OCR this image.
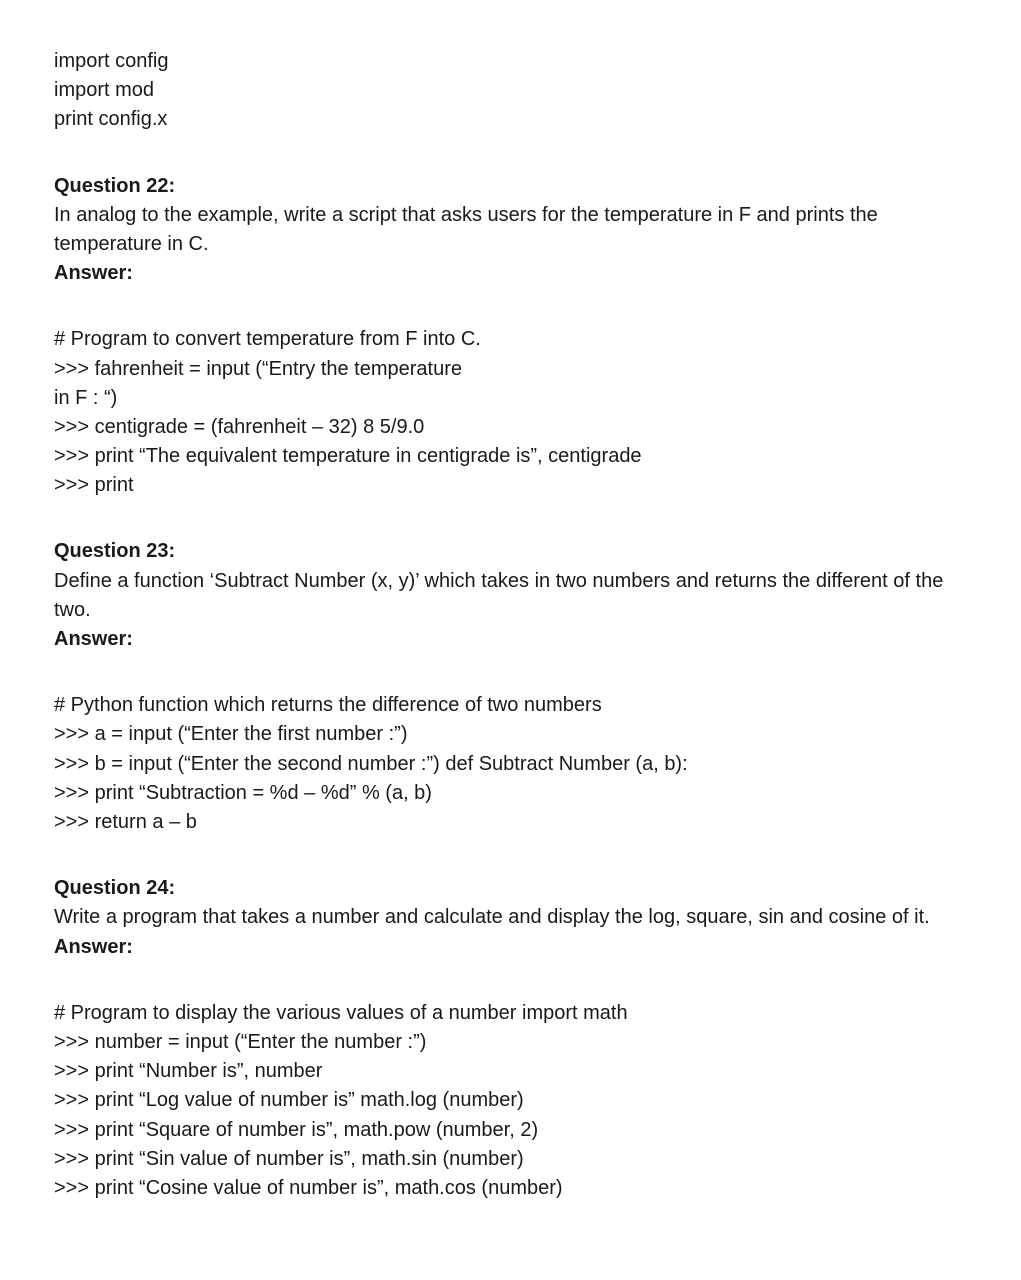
import config
import mod
print config.x
Question 22:
In analog to the example, write a script that asks users for the temperature in F and prints the temperature in C.
Answer:
# Program to convert temperature from F into C.
>>> fahrenheit = input (“Entry the temperature
in F : “)
>>> centigrade = (fahrenheit – 32) 8 5/9.0
>>> print “The equivalent temperature in centigrade is”, centigrade
>>> print
Question 23:
Define a function ‘Subtract Number (x, y)’ which takes in two numbers and returns the different of the two.
Answer:
# Python function which returns the difference of two numbers
>>> a = input (“Enter the first number :”)
>>> b = input (“Enter the second number :”) def Subtract Number (a, b):
>>> print “Subtraction = %d – %d” % (a, b)
>>> return a – b
Question 24:
Write a program that takes a number and calculate and display the log, square, sin and cosine of it.
Answer:
# Program to display the various values of a number import math
>>> number = input (“Enter the number :”)
>>> print “Number is”, number
>>> print “Log value of number is” math.log (number)
>>> print “Square of number is”, math.pow (number, 2)
>>> print “Sin value of number is”, math.sin (number)
>>> print “Cosine value of number is”, math.cos (number)
